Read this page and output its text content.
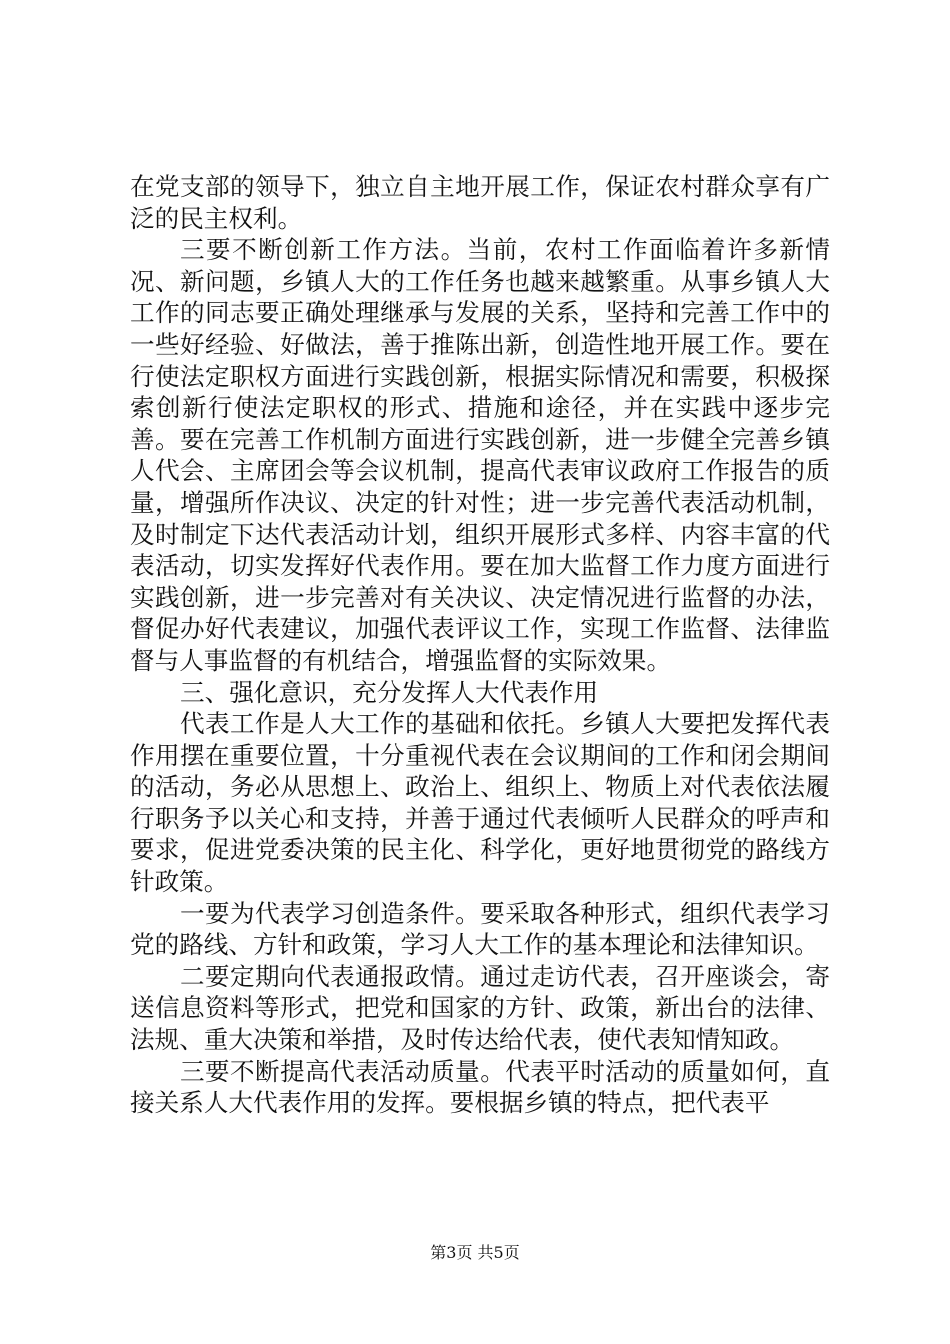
在党支部的领导下，独立自主地开展工作，保证农村群众享有广泛的民主权利。

三要不断创新工作方法。当前，农村工作面临着许多新情况、新问题，乡镇人大的工作任务也越来越繁重。从事乡镇人大工作的同志要正确处理继承与发展的关系，坚持和完善工作中的一些好经验、好做法，善于推陈出新，创造性地开展工作。要在行使法定职权方面进行实践创新，根据实际情况和需要，积极探索创新行使法定职权的形式、措施和途径，并在实践中逐步完善。要在完善工作机制方面进行实践创新，进一步健全完善乡镇人代会、主席团会等会议机制，提高代表审议政府工作报告的质量，增强所作决议、决定的针对性；进一步完善代表活动机制，及时制定下达代表活动计划，组织开展形式多样、内容丰富的代表活动，切实发挥好代表作用。要在加大监督工作力度方面进行实践创新，进一步完善对有关决议、决定情况进行监督的办法，督促办好代表建议，加强代表评议工作，实现工作监督、法律监督与人事监督的有机结合，增强监督的实际效果。

三、强化意识，充分发挥人大代表作用

代表工作是人大工作的基础和依托。乡镇人大要把发挥代表作用摆在重要位置，十分重视代表在会议期间的工作和闭会期间的活动，务必从思想上、政治上、组织上、物质上对代表依法履行职务予以关心和支持，并善于通过代表倾听人民群众的呼声和要求，促进党委决策的民主化、科学化，更好地贯彻党的路线方针政策。

一要为代表学习创造条件。要采取各种形式，组织代表学习党的路线、方针和政策，学习人大工作的基本理论和法律知识。

二要定期向代表通报政情。通过走访代表，召开座谈会，寄送信息资料等形式，把党和国家的方针、政策，新出台的法律、法规、重大决策和举措，及时传达给代表，使代表知情知政。

三要不断提高代表活动质量。代表平时活动的质量如何，直接关系人大代表作用的发挥。要根据乡镇的特点，把代表平

第3页 共5页
